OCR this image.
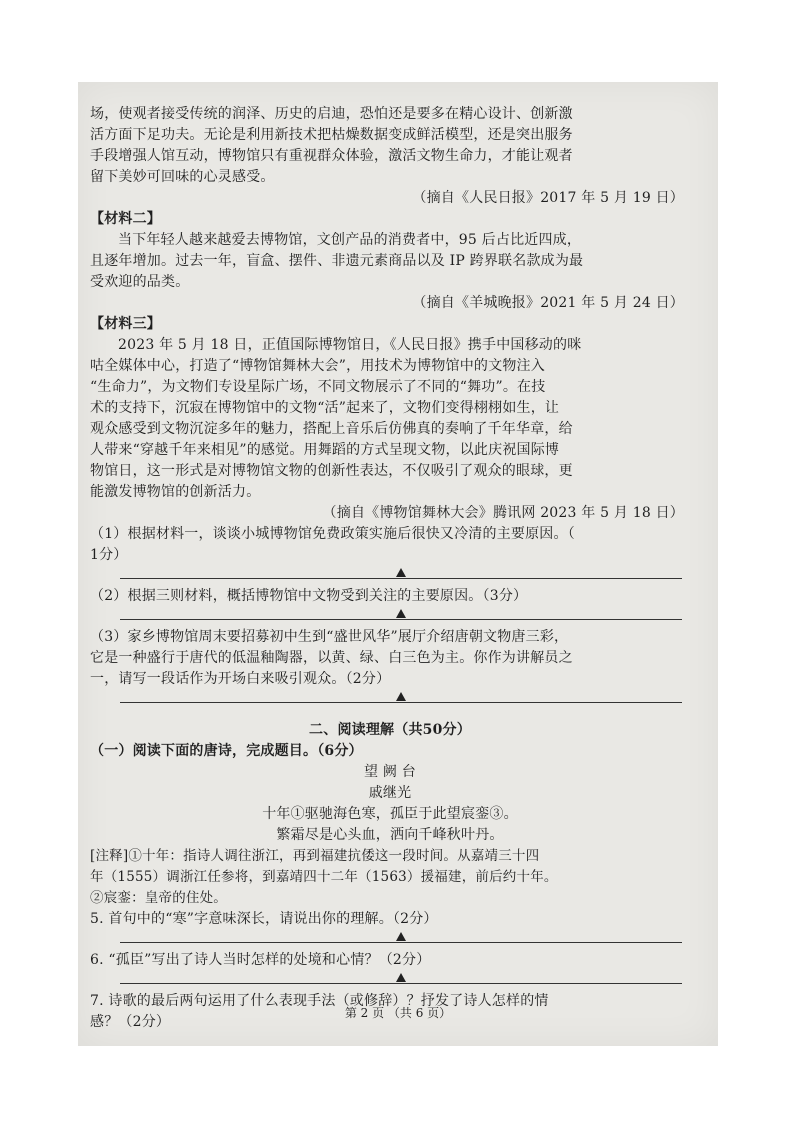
场，使观者接受传统的润泽、历史的启迪，恐怕还是要多在精心设计、创新激
活方面下足功夫。无论是利用新技术把枯燥数据变成鲜活模型，还是突出服务
手段增强人馆互动，博物馆只有重视群众体验，激活文物生命力，才能让观者
留下美妙可回味的心灵感受。
（摘自《人民日报》2017 年 5 月 19 日）
【材料二】
当下年轻人越来越爱去博物馆，文创产品的消费者中，95 后占比近四成，
且逐年增加。过去一年，盲盒、摆件、非遗元素商品以及 IP 跨界联名款成为最
受欢迎的品类。
（摘自《羊城晚报》2021 年 5 月 24 日）
【材料三】
2023 年 5 月 18 日，正值国际博物馆日，《人民日报》携手中国移动的咪
咕全媒体中心，打造了“博物馆舞林大会”，用技术为博物馆中的文物注入
“生命力”，为文物们专设星际广场，不同文物展示了不同的“舞功”。在技
术的支持下，沉寂在博物馆中的文物“活”起来了，文物们变得栩栩如生，让
观众感受到文物沉淀多年的魅力，搭配上音乐后仿佛真的奏响了千年华章，给
人带来“穿越千年来相见”的感觉。用舞蹈的方式呈现文物，以此庆祝国际博
物馆日，这一形式是对博物馆文物的创新性表达，不仅吸引了观众的眼球，更
能激发博物馆的创新活力。
（摘自《博物馆舞林大会》腾讯网 2023 年 5 月 18 日）
（1）根据材料一，谈谈小城博物馆免费政策实施后很快又冷清的主要原因。（
1分）
（2）根据三则材料，概括博物馆中文物受到关注的主要原因。（3分）
（3）家乡博物馆周末要招募初中生到“盛世风华”展厅介绍唐朝文物唐三彩，
它是一种盛行于唐代的低温釉陶器，以黄、绿、白三色为主。你作为讲解员之
一，请写一段话作为开场白来吸引观众。（2分）
二、阅读理解（共50分）
（一）阅读下面的唐诗，完成题目。（6分）
望 阙 台
戚继光
十年①驱驰海色寒，孤臣于此望宸銮③。
繁霜尽是心头血，洒向千峰秋叶丹。
[注释]①十年：指诗人调往浙江，再到福建抗倭这一段时间。从嘉靖三十四
年（1555）调浙江任参将，到嘉靖四十二年（1563）援福建，前后约十年。
②宸銮：皇帝的住处。
5. 首句中的“寒”字意味深长，请说出你的理解。（2分）
6. “孤臣”写出了诗人当时怎样的处境和心情？（2分）
7. 诗歌的最后两句运用了什么表现手法（或修辞）？抒发了诗人怎样的情
感？（2分）
第 2 页 （共 6 页）
